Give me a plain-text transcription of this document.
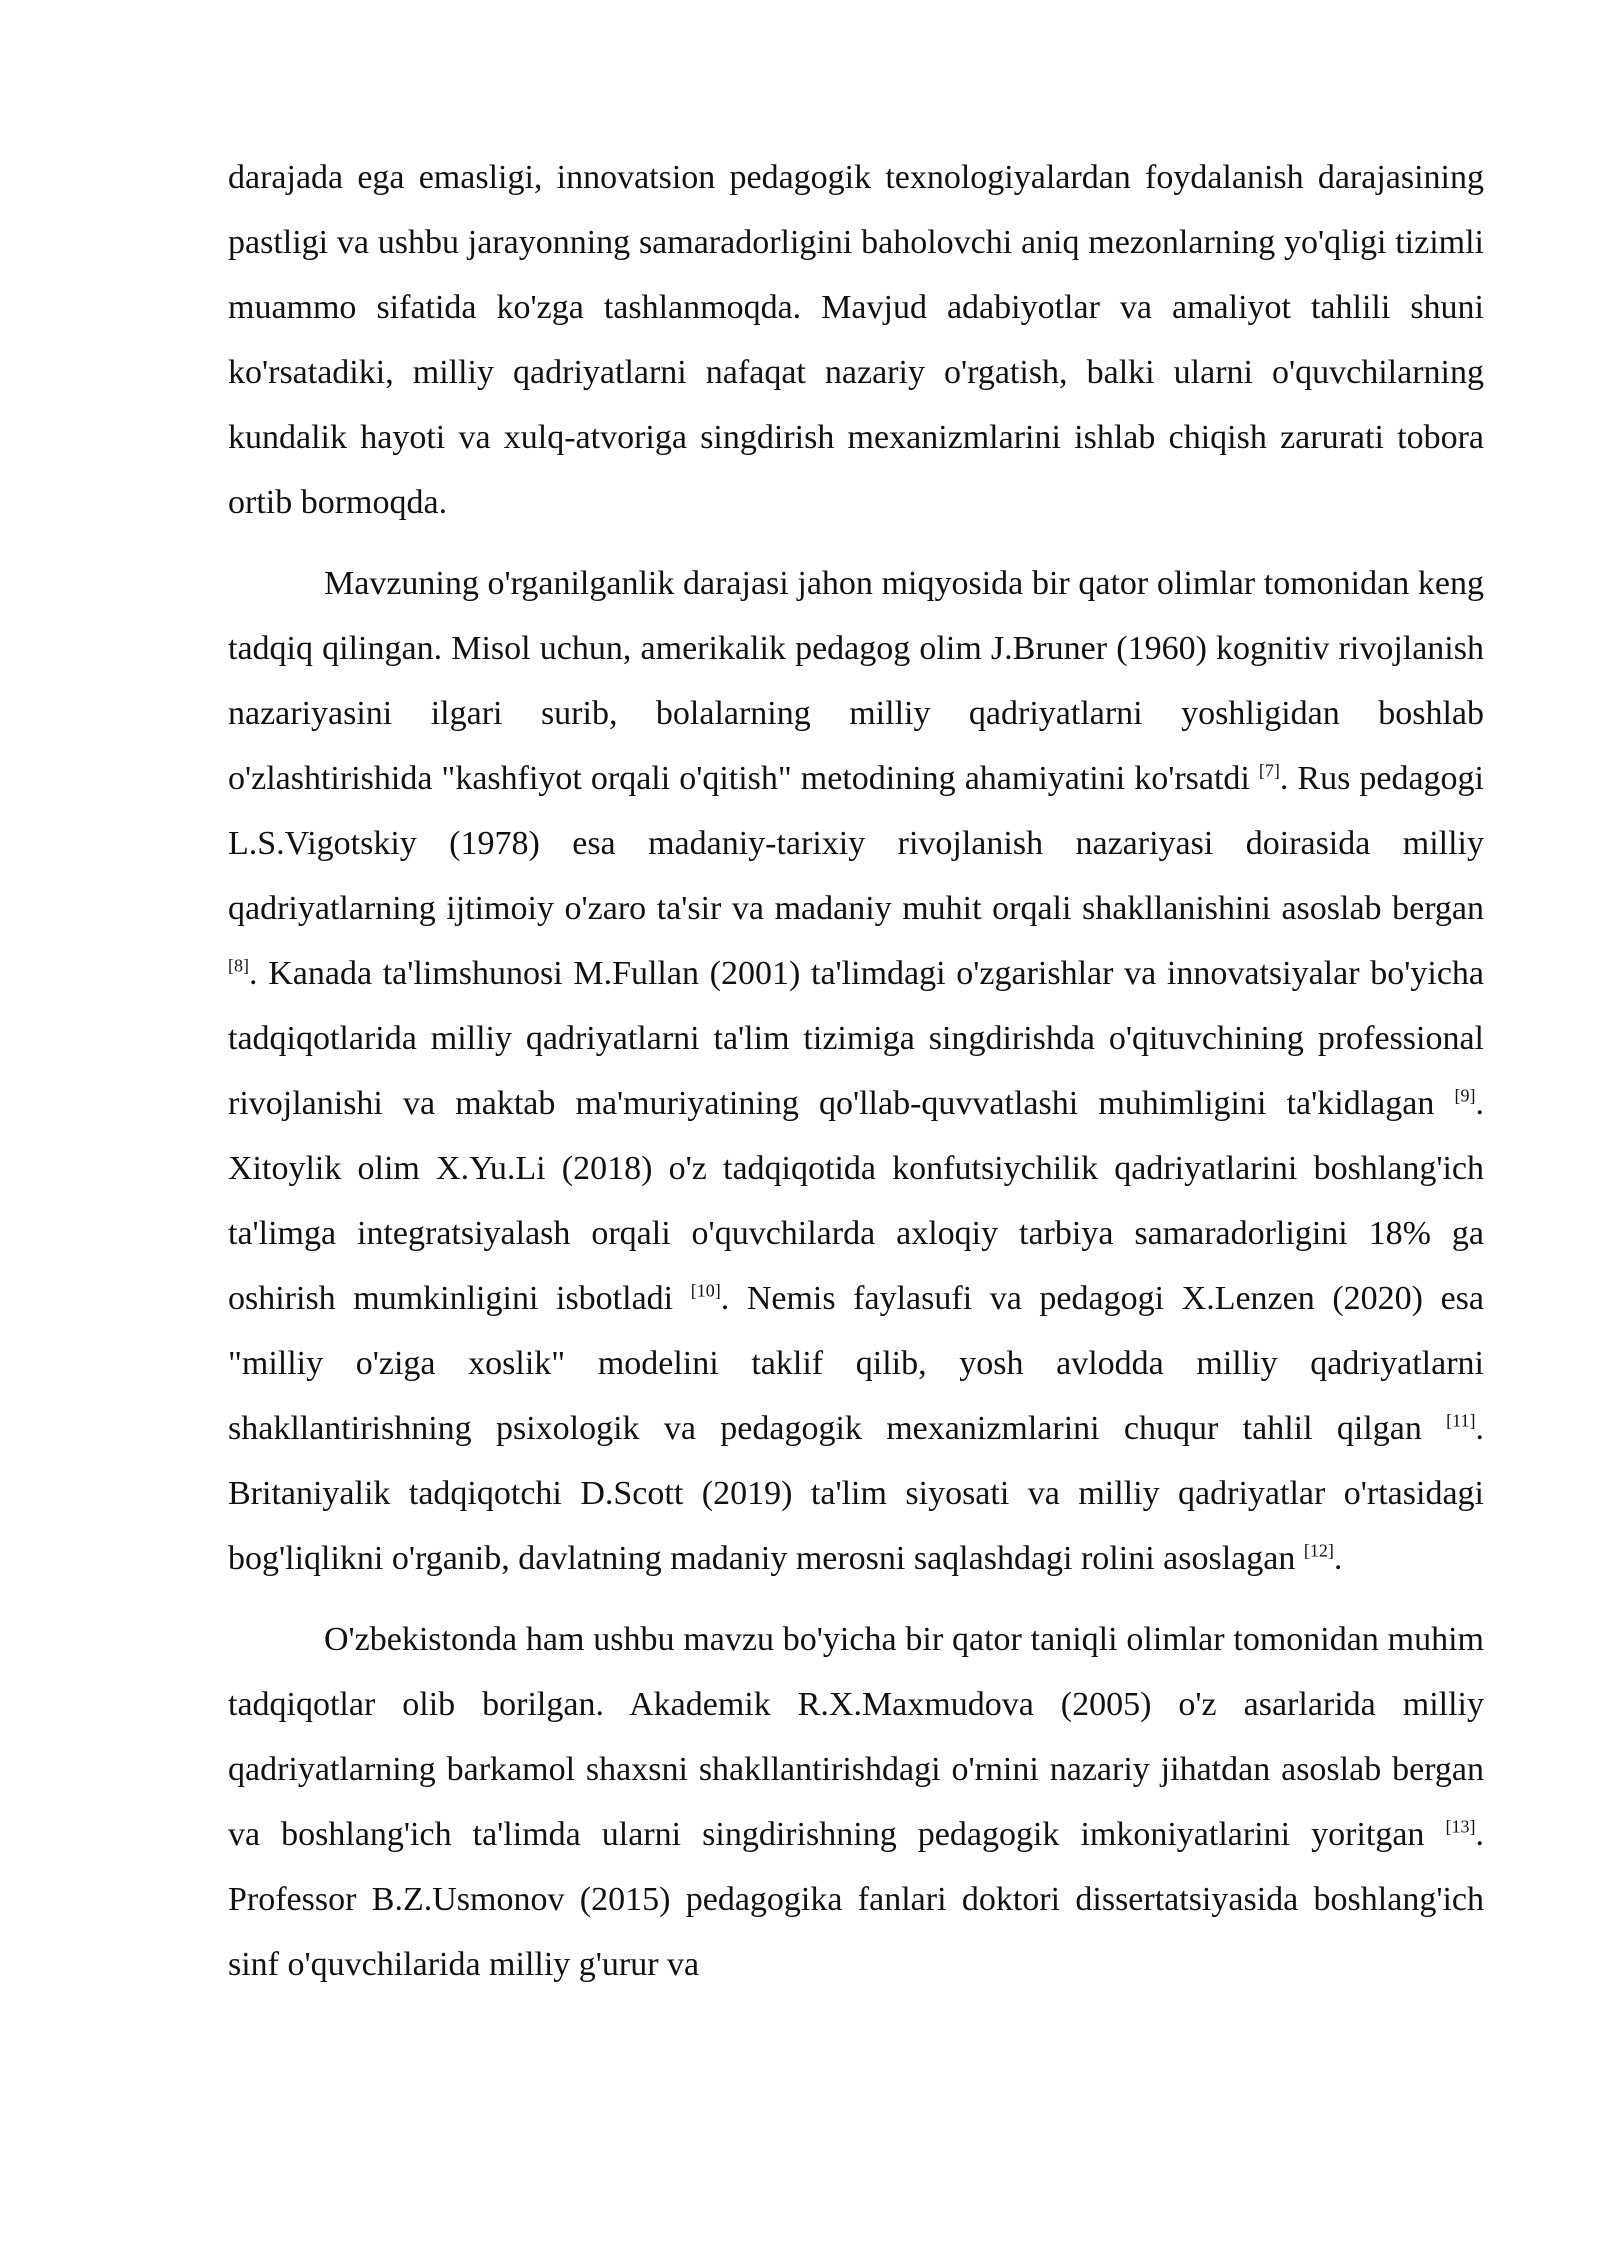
darajada ega emasligi, innovatsion pedagogik texnologiyalardan foydalanish darajasining pastligi va ushbu jarayonning samaradorligini baholovchi aniq mezonlarning yo'qligi tizimli muammo sifatida ko'zga tashlanmoqda. Mavjud adabiyotlar va amaliyot tahlili shuni ko'rsatadiki, milliy qadriyatlarni nafaqat nazariy o'rgatish, balki ularni o'quvchilarning kundalik hayoti va xulq-atvoriga singdirish mexanizmlarini ishlab chiqish zarurati tobora ortib bormoqda.

Mavzuning o'rganilganlik darajasi jahon miqyosida bir qator olimlar tomonidan keng tadqiq qilingan. Misol uchun, amerikalik pedagog olim J.Bruner (1960) kognitiv rivojlanish nazariyasini ilgari surib, bolalarning milliy qadriyatlarni yoshligidan boshlab o'zlashtirishida "kashfiyot orqali o'qitish" metodining ahamiyatini ko'rsatdi [7]. Rus pedagogi L.S.Vigotskiy (1978) esa madaniy-tarixiy rivojlanish nazariyasi doirasida milliy qadriyatlarning ijtimoiy o'zaro ta'sir va madaniy muhit orqali shakllanishini asoslab bergan [8]. Kanada ta'limshunosi M.Fullan (2001) ta'limdagi o'zgarishlar va innovatsiyalar bo'yicha tadqiqotlarida milliy qadriyatlarni ta'lim tizimiga singdirishda o'qituvchining professional rivojlanishi va maktab ma'muriyatining qo'llab-quvvatlashi muhimligini ta'kidlagan [9]. Xitoylik olim X.Yu.Li (2018) o'z tadqiqotida konfutsiychilik qadriyatlarini boshlang'ich ta'limga integratsiyalash orqali o'quvchilarda axloqiy tarbiya samaradorligini 18% ga oshirish mumkinligini isbotladi [10]. Nemis faylasufi va pedagogi X.Lenzen (2020) esa "milliy o'ziga xoslik" modelini taklif qilib, yosh avlodda milliy qadriyatlarni shakllantirishning psixologik va pedagogik mexanizmlarini chuqur tahlil qilgan [11]. Britaniyalik tadqiqotchi D.Scott (2019) ta'lim siyosati va milliy qadriyatlar o'rtasidagi bog'liqlikni o'rganib, davlatning madaniy merosni saqlashdagi rolini asoslagan [12].

O'zbekistonda ham ushbu mavzu bo'yicha bir qator taniqli olimlar tomonidan muhim tadqiqotlar olib borilgan. Akademik R.X.Maxmudova (2005) o'z asarlarida milliy qadriyatlarning barkamol shaxsni shakllantirishdagi o'rnini nazariy jihatdan asoslab bergan va boshlang'ich ta'limda ularni singdirishning pedagogik imkoniyatlarini yoritgan [13]. Professor B.Z.Usmonov (2015) pedagogika fanlari doktori dissertatsiyasida boshlang'ich sinf o'quvchilarida milliy g'urur va
